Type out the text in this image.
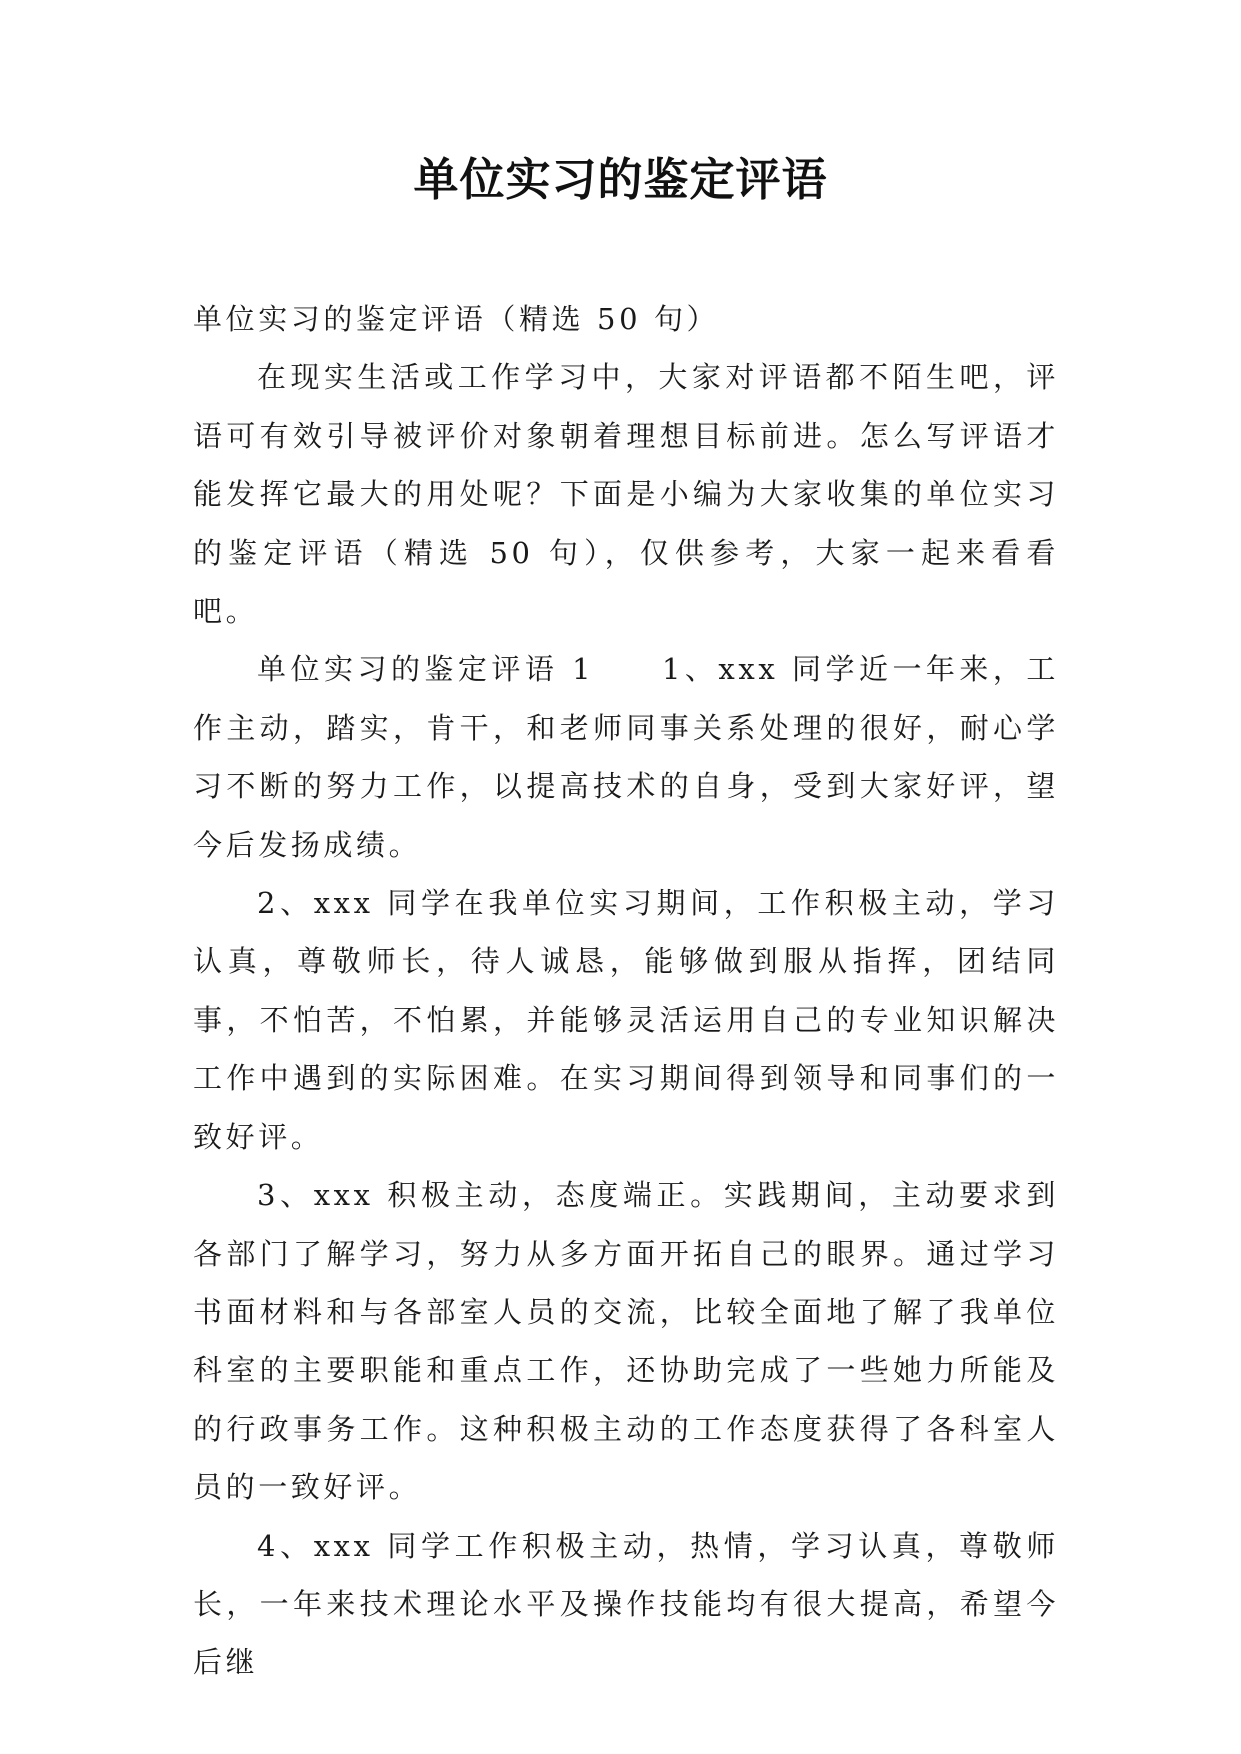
单位实习的鉴定评语

单位实习的鉴定评语（精选 50 句）

在现实生活或工作学习中，大家对评语都不陌生吧，评语可有效引导被评价对象朝着理想目标前进。怎么写评语才能发挥它最大的用处呢？下面是小编为大家收集的单位实习的鉴定评语（精选 50 句），仅供参考，大家一起来看看吧。

单位实习的鉴定评语 1　　1、xxx 同学近一年来，工作主动，踏实，肯干，和老师同事关系处理的很好，耐心学习不断的努力工作，以提高技术的自身，受到大家好评，望今后发扬成绩。

2、xxx 同学在我单位实习期间，工作积极主动，学习认真，尊敬师长，待人诚恳，能够做到服从指挥，团结同事，不怕苦，不怕累，并能够灵活运用自己的专业知识解决工作中遇到的实际困难。在实习期间得到领导和同事们的一致好评。

3、xxx 积极主动，态度端正。实践期间，主动要求到各部门了解学习，努力从多方面开拓自己的眼界。通过学习书面材料和与各部室人员的交流，比较全面地了解了我单位科室的主要职能和重点工作，还协助完成了一些她力所能及的行政事务工作。这种积极主动的工作态度获得了各科室人员的一致好评。

4、xxx 同学工作积极主动，热情，学习认真，尊敬师长，一年来技术理论水平及操作技能均有很大提高，希望今后继
